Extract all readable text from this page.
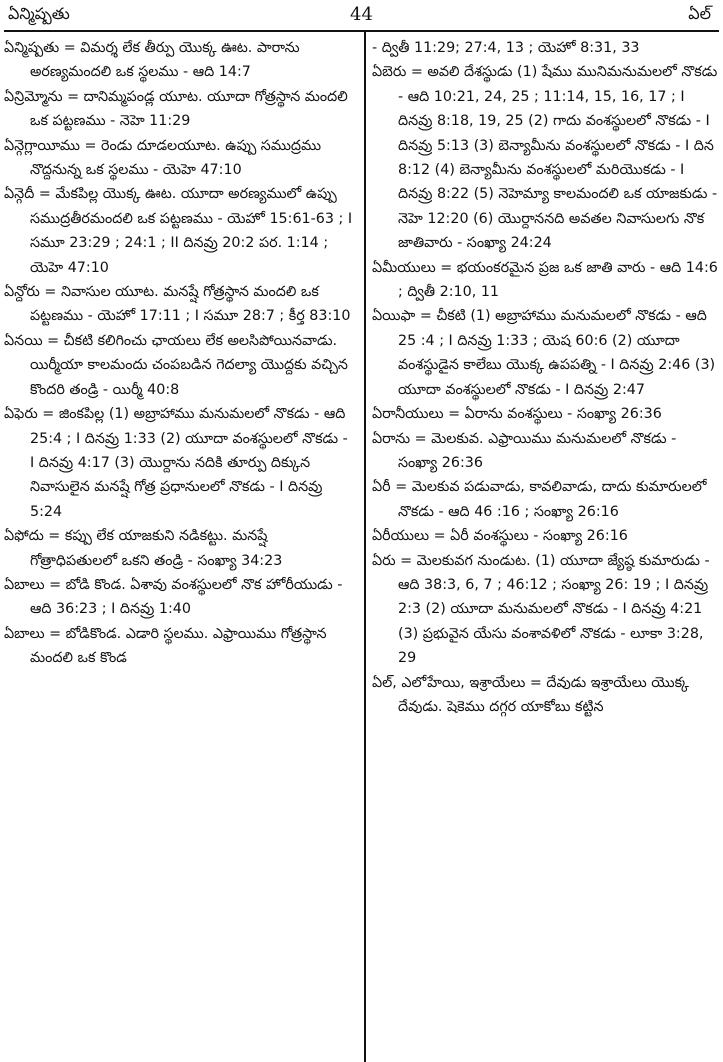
ఏన్మిష్పతు	44	ఏల్

ఏన్మిష్పతు = విమర్శ లేక తీర్పు యొక్క ఊట. పారాను అరణ్యమందలి ఒక స్థలము - ఆది 14:7

ఏన్రిమ్మోను = దానిమ్మపండ్ల యూట. యూదా గోత్రస్థాన మందలి ఒక పట్టణము - నెహె 11:29

ఏన్గెగ్లాయీము = రెండు దూడలయూట. ఉప్పు సముద్రము నొద్దనున్న ఒక స్థలము - యెహె 47:10

ఏన్గెదీ = మేకపిల్ల యొక్క ఊట. యూదా అరణ్యములో ఉప్పు సముద్రతీరమందలి ఒక పట్టణము - యెహో 15:61-63 ; I సమూ 23:29 ; 24:1 ; II దినవ్రు 20:2 పర. 1:14 ; యెహె 47:10

ఏన్దోరు = నివాసుల యూట. మనష్షే గోత్రస్థాన మందలి ఒక పట్టణము - యెహో 17:11 ; I సమూ 28:7 ; కీర్త 83:10

ఏనయి = చీకటి కలిగించు ఛాయలు లేక అలసిపోయినవాడు. యిర్మీయా కాలమందు చంపబడిన గెదల్యా యొద్దకు వచ్చిన కొందరి తండ్రి - యిర్మీ 40:8

ఏఫెరు = జింకపిల్ల (1) అబ్రాహాము మనుమలలో నొకడు - ఆది 25:4 ; I దినవ్రు 1:33 (2) యూదా వంశస్థులలో నొకడు - I దినవ్రు 4:17 (3) యొర్దాను నదికి తూర్పు దిక్కున నివాసులైన మనష్షే గోత్ర ప్రధానులలో నొకడు - I దినవ్రు 5:24

ఏఫోదు = కప్పు లేక యాజకుని నడికట్టు. మనష్షే గోత్రాధిపతులలో ఒకని తండ్రి - సంఖ్యా 34:23

ఏబాలు = బోడి కొండ. ఏశావు వంశస్థులలో నొక హోరీయుడు - ఆది 36:23 ; I దినవ్రు 1:40

ఏబాలు = బోడికొండ. ఎడారి స్థలము. ఎఫ్రాయిము గోత్రస్థాన మందలి ఒక కొండ

- ద్వితీ 11:29; 27:4, 13 ; యెహో 8:31, 33

ఏబెరు = అవలి దేశస్థుడు (1) షేము మునిమనుమలలో నొకడు - ఆది 10:21, 24, 25 ; 11:14, 15, 16, 17 ; I దినవ్రు 8:18, 19, 25 (2) గాదు వంశస్థులలో నొకడు - I దినవ్రు 5:13 (3) బెన్యామీను వంశస్థులలో నొకడు - I దిన 8:12 (4) బెన్యామీను వంశస్థులలో మరియొకడు - I దినవ్రు 8:22 (5) నెహెమ్యా కాలమందలి ఒక యాజకుడు - నెహె 12:20 (6) యొర్దాననది అవతల నివాసులగు నొక జాతివారు - సంఖ్యా 24:24

ఏమీయులు = భయంకరమైన ప్రజ ఒక జాతి వారు - ఆది 14:6 ; ద్వితీ 2:10, 11

ఏయిఫా = చీకటి (1) అబ్రాహాము మనుమలలో నొకడు - ఆది 25 :4 ; I దినవ్రు 1:33 ; యెష 60:6 (2) యూదా వంశస్థుడైన కాలేబు యొక్క ఉపపత్ని - I దినవ్రు 2:46 (3) యూదా వంశస్థులలో నొకడు - I దినవ్రు 2:47

ఏరానీయులు = ఏరాను వంశస్థులు - సంఖ్యా 26:36

ఏరాను = మెలకువ. ఎఫ్రాయిము మనుమలలో నొకడు - సంఖ్యా 26:36

ఏరీ = మెలకువ పడువాడు, కావలివాడు, దాదు కుమారులలో నొకడు - ఆది 46 :16 ; సంఖ్యా 26:16

ఏరీయులు = ఏరీ వంశస్థులు - సంఖ్యా 26:16

ఏరు = మెలకువగ నుండుట. (1) యూదా జ్యేష్ఠ కుమారుడు - ఆది 38:3, 6, 7 ; 46:12 ; సంఖ్యా 26: 19 ; I దినవ్రు 2:3 (2) యూదా మనుమలలో నొకడు - I దినవ్రు 4:21 (3) ప్రభువైన యేసు వంశావళిలో నొకడు - లూకా 3:28, 29

ఏల్, ఎలోహేయి, ఇశ్రాయేలు = దేవుడు ఇశ్రాయేలు యొక్క దేవుడు. షెకెము దగ్గర యాకోబు కట్టిన
